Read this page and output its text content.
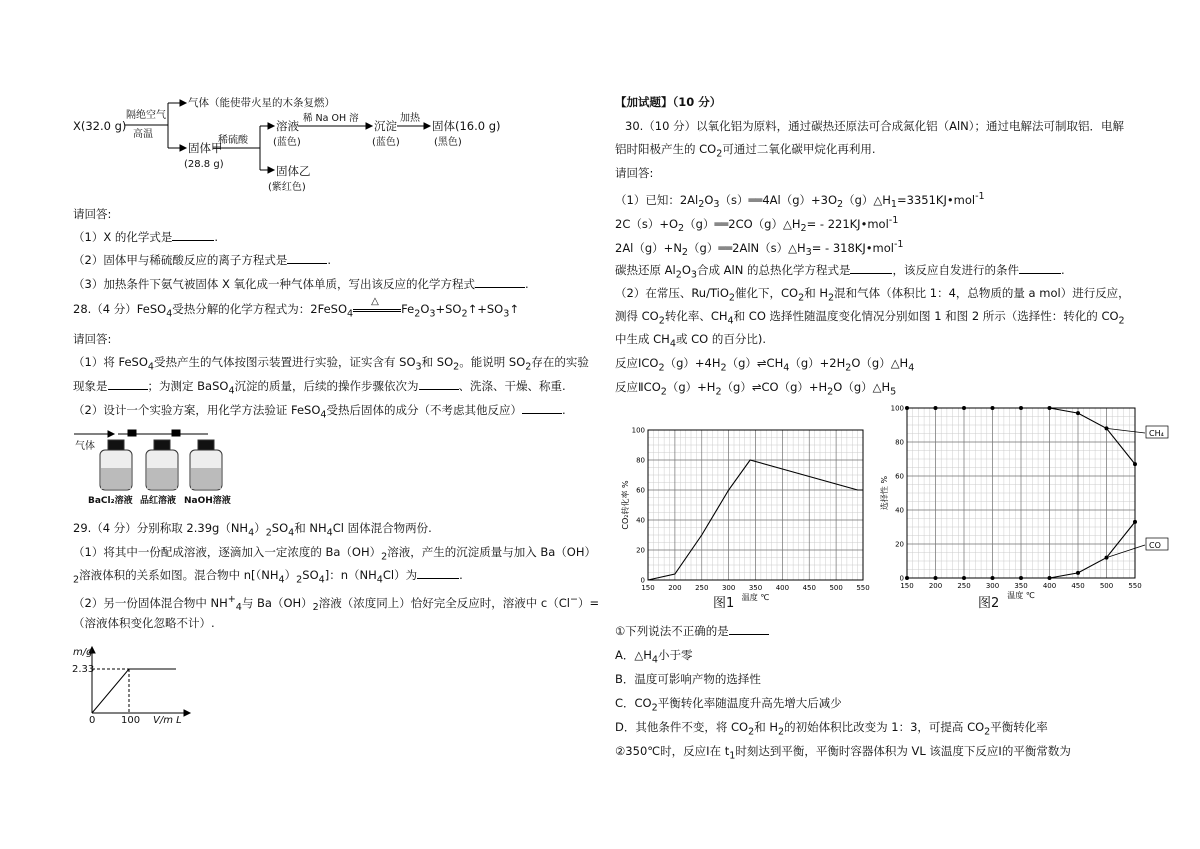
X(32.0 g)
隔绝空气
高温
气体（能使带火星的木条复燃）
固体甲
(28.8 g)
稀硫酸
溶液
(蓝色)
稀 Na OH 溶
沉淀
(蓝色)
加热
固体(16.0 g)
(黑色)
固体乙
(紫红色)
请回答:
（1）X 的化学式是	.
（2）固体甲与稀硫酸反应的离子方程式是	.
（3）加热条件下氨气被固体 X 氧化成一种气体单质，写出该反应的化学方程式	.
28.（4 分）FeSO$_4$受热分解的化学方程式为：2FeSO$_4$
△
$Fe_2O_3+SO_2↑+SO_3↑$
请回答:
（1）将 FeSO$_4$受热产生的气体按图示装置进行实验，证实含有 $SO_3$和 $SO_2$。能说明 $SO_2$存在的实验
现象是	；为测定 BaSO$_4$沉淀的质量，后续的操作步骤依次为	、洗涤、干燥、称重.
（2）设计一个实验方案，用化学方法验证 FeSO$_4$受热后固体的成分（不考虑其他反应）	.
气体
BaCl₂溶液 品红溶液 NaOH溶液
29.（4 分）分别称取 $2.39g(NH_4)_2SO_4$和 $NH_4Cl$ 固体混合物两份.
（1）将其中一份配成溶液，逐滴加入一定浓度的 $Ba(OH)_2$溶液，产生的沉淀质量与加入 Ba（OH）
$_2$溶液体积的关系如图。混合物中 $n[(NH_4)_2SO_4]$：$n(NH_4Cl)$为	.
（2）另一份固体混合物中 $NH^+_4$与 $Ba(OH)_2$溶液（浓度同上）恰好完全反应时，溶液中 c（Cl−）=
（溶液体积变化忽略不计）.
m/g
2.33
0	100 V/m L
【加试题】（10 分）
30.（10 分）以氧化铝为原料，通过碳热还原法可合成氮化铝（AlN）；通过电解法可制取铝．电解
铝时阳极产生的 $CO_2$可通过二氧化碳甲烷化再利用.
请回答:
（1）已知：$2Al_2O_3(s)══4Al(g)+3O_2(g)\triangle H_1=3351KJ•mol^{-1}$
$2C(s)+O_2(g)══2CO(g)\triangle H_2=$ - 221KJ•mol$^{-1}$
$2Al(g)+N_2(g)══2AlN(s)\triangle H_3=$ - 318KJ•mol$^{-1}$
碳热还原 $Al_2O_3$合成 AlN 的总热化学方程式是	，该反应自发进行的条件	.
（2）在常压、Ru/TiO$_2$催化下，$CO_2$和 $H_2$混和气体（体积比 1：4，总物质的量 a mol）进行反应，
测得 $CO_2$转化率、$CH_4$和 CO 选择性随温度变化情况分别如图 1 和图 2 所示（选择性：转化的 $CO_2$
中生成 $CH_4$或 CO 的百分比).
反应$ⅠCO_2(g)+4H_2(g)\rightleftharpoons CH_4(g)+2H_2O(g)\triangle H_4$
反应$ⅡCO_2(g)+H_2(g)\rightleftharpoons CO(g)+H_2O(g)\triangle H_5$
150 200 250 300 350 400 450 500 550
0
20
40
60
80
100
温度 ℃
CO₂转化率 %
150 200 250 300 350 400 450 500 550
0
20
40
60
80
100
温度 ℃
选择性 %
CH₄
CO
图1	图2
①下列说法不正确的是
A．$\triangle H_4$小于零
B．温度可影响产物的选择性
C．$CO_2$平衡转化率随温度升高先增大后减少
D．其他条件不变，将 $CO_2$和 $H_2$的初始体积比改变为 1：3，可提高 $CO_2$平衡转化率
②350℃时，反应Ⅰ在 $t_1$时刻达到平衡，平衡时容器体积为 VL 该温度下反应Ⅰ的平衡常数为
